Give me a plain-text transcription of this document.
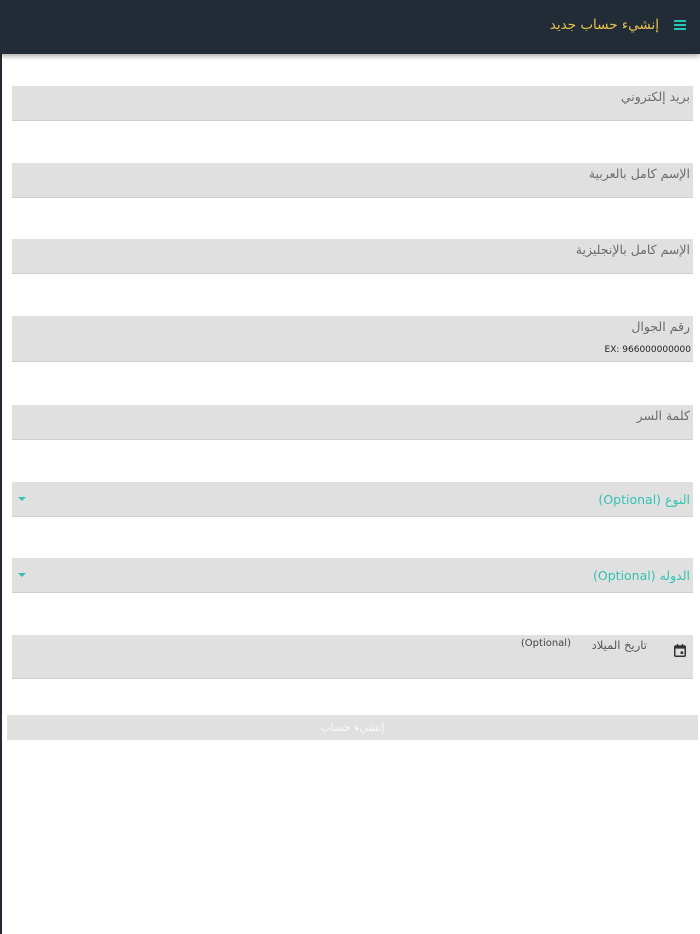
إنشيء حساب جديد
بريد إلكتروني
الإسم كامل بالعربية
الإسم كامل بالإنجليزية
رقم الجوال
EX: 966000000000
كلمة السر
النوع (Optional)
الدوله (Optional)
تاريخ الميلاد
(Optional)
إنشيء حساب
